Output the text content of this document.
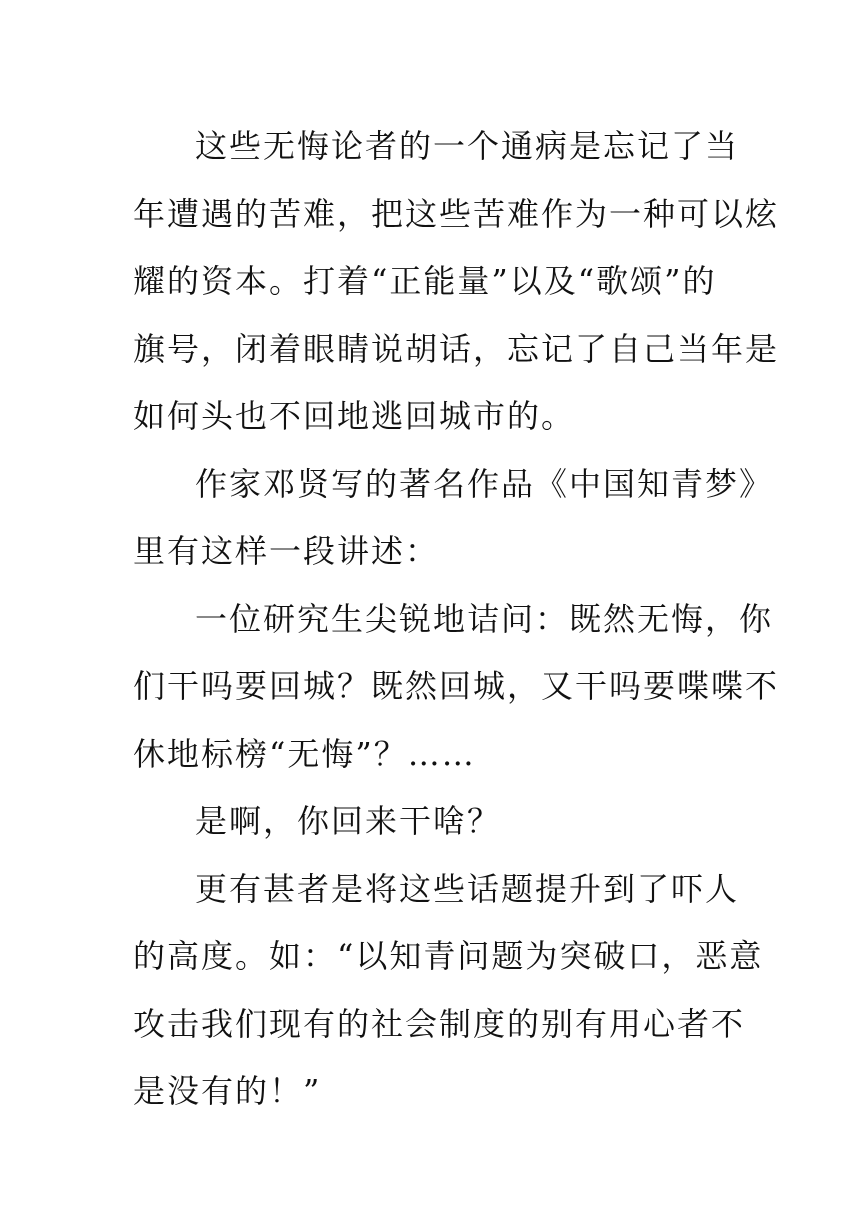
这些无悔论者的一个通病是忘记了当
年遭遇的苦难，把这些苦难作为一种可以炫
耀的资本。打着“正能量”以及“歌颂”的
旗号，闭着眼睛说胡话，忘记了自己当年是
如何头也不回地逃回城市的。
作家邓贤写的著名作品《中国知青梦》
里有这样一段讲述：
一位研究生尖锐地诘问：既然无悔，你
们干吗要回城？既然回城，又干吗要喋喋不
休地标榜“无悔”？……
是啊，你回来干啥？
更有甚者是将这些话题提升到了吓人
的高度。如：“以知青问题为突破口，恶意
攻击我们现有的社会制度的别有用心者不
是没有的！”
